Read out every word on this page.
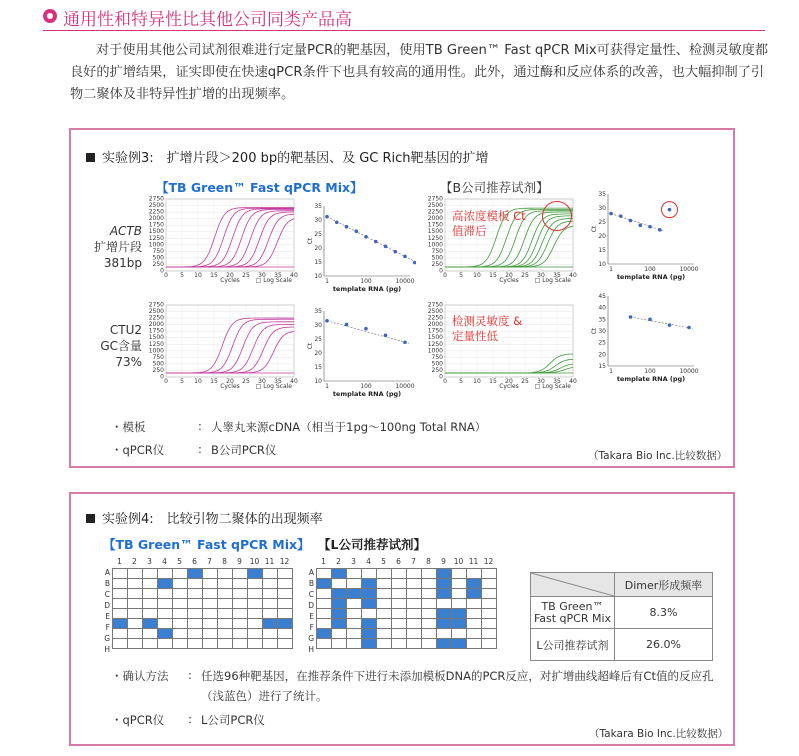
通用性和特异性比其他公司同类产品高
对于使用其他公司试剂很难进行定量PCR的靶基因，使用TB Green™ Fast qPCR Mix可获得定量性、检测灵敏度都良好的扩增结果，证实即使在快速qPCR条件下也具有较高的通用性。此外，通过酶和反应体系的改善，也大幅抑制了引物二聚体及非特异性扩增的出现频率。
实验例3:　扩增片段＞200 bp的靶基因、及 GC Rich靶基因的扩增
【TB Green™ Fast qPCR Mix】	【B公司推荐试剂】
ACTB
扩增片段
381bp
CTU2
GC含量
73%
2750
2500
2250
2000
1750
1500
1250
1000
750
500
250
0
0 5 10 15 20 25 30 35 40
Cycles	□ Log Scale
2750
2500
2250
2000
1750
1500
1250
1000
750
500
250
0
0 5 10 15 20 25 30 35 40
Cycles	□ Log Scale
2750
2500
2250
2000
1750
1500
1250
1000
750
500
250
0
0 5 10 15 20 25 30 35 40
Cycles	□ Log Scale
2750
2500
2250
2000
1750
1500
1250
1000
750
500
250
0
0 5 10 15 20 25 30 35 40
Cycles	□ Log Scale
35
30
25
20
15
10
Ct
1	100	10000
template RNA (pg)
35
30
25
20
15
10
Ct
1	100	10000
template RNA (pg)
35
30
25
20
15
10
Ct
1	100	10000
template RNA (pg)
45
40
35
30
25
20
15
Ct
1	100	10000
template RNA (pg)
高浓度模板 Ct值滞后
检测灵敏度 & 定量性低
・模板	: 人睾丸来源cDNA（相当于1pg～100ng Total RNA）
・qPCR仪	: B公司PCR仪	（Takara Bio Inc.比较数据）
实验例4:　比较引物二聚体的出现频率
【TB Green™ Fast qPCR Mix】 【L公司推荐试剂】
A
B
C
D
E
F
G
H
1 2 3 4 5 6 7 8 9 10 11 12

A
B
C
D
E
F
G
H
1 2 3 4 5 6 7 8 9 10 11 12

	Dimer形成频率

TB Green™
Fast qPCR Mix	8.3%
L公司推荐试剂	26.0%
・确认方法 : 任选96种靶基因，在推荐条件下进行未添加模板DNA的PCR反应，对扩增曲线超峰后有Ct值的反应孔
（浅蓝色）进行了统计。
・qPCR仪 : L公司PCR仪
（Takara Bio Inc.比较数据）
